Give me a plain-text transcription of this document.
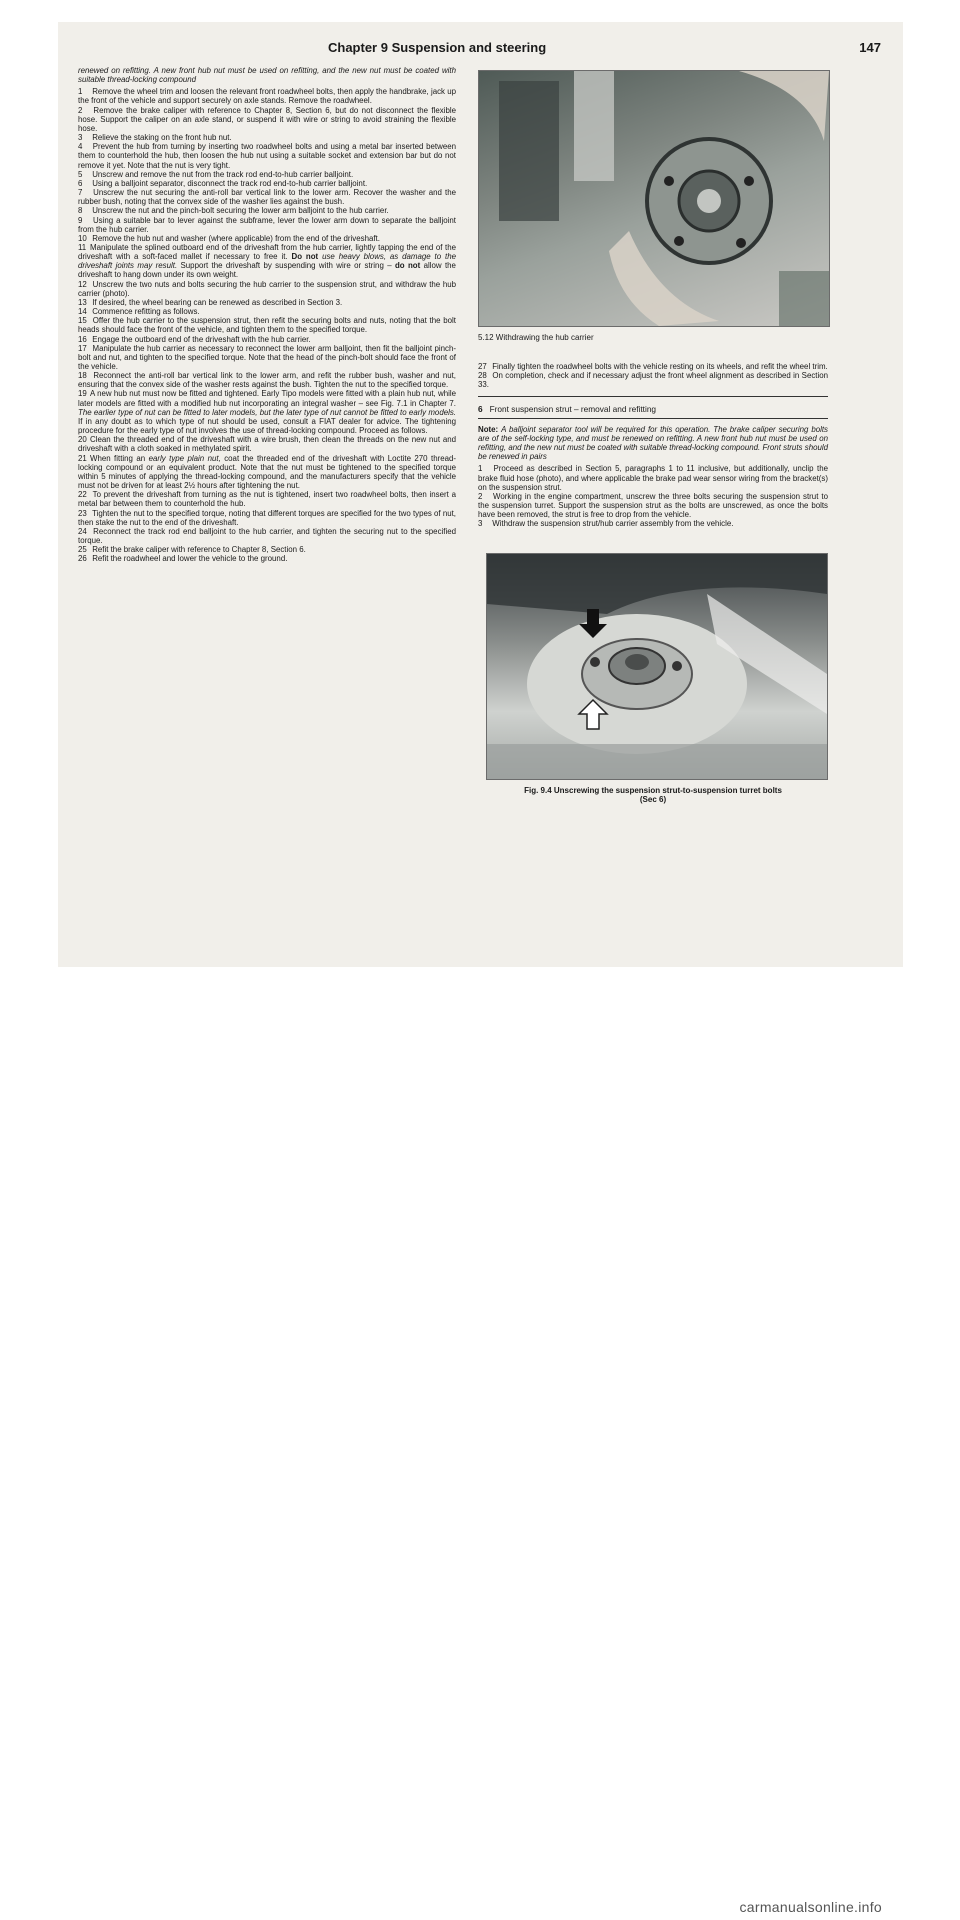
Chapter 9 Suspension and steering	147

renewed on refitting. A new front hub nut must be used on refitting, and the new nut must be coated with suitable thread-locking compound

1 Remove the wheel trim and loosen the relevant front roadwheel bolts, then apply the handbrake, jack up the front of the vehicle and support securely on axle stands. Remove the roadwheel.

2 Remove the brake caliper with reference to Chapter 8, Section 6, but do not disconnect the flexible hose. Support the caliper on an axle stand, or suspend it with wire or string to avoid straining the flexible hose.

3 Relieve the staking on the front hub nut.

4 Prevent the hub from turning by inserting two roadwheel bolts and using a metal bar inserted between them to counterhold the hub, then loosen the hub nut using a suitable socket and extension bar but do not remove it yet. Note that the nut is very tight.

5 Unscrew and remove the nut from the track rod end-to-hub carrier balljoint.

6 Using a balljoint separator, disconnect the track rod end-to-hub carrier balljoint.

7 Unscrew the nut securing the anti-roll bar vertical link to the lower arm. Recover the washer and the rubber bush, noting that the convex side of the washer lies against the bush.

8 Unscrew the nut and the pinch-bolt securing the lower arm balljoint to the hub carrier.

9 Using a suitable bar to lever against the subframe, lever the lower arm down to separate the balljoint from the hub carrier.

10 Remove the hub nut and washer (where applicable) from the end of the driveshaft.

11 Manipulate the splined outboard end of the driveshaft from the hub carrier, lightly tapping the end of the driveshaft with a soft-faced mallet if necessary to free it. Do not use heavy blows, as damage to the driveshaft joints may result. Support the driveshaft by suspending with wire or string – do not allow the driveshaft to hang down under its own weight.

12 Unscrew the two nuts and bolts securing the hub carrier to the suspension strut, and withdraw the hub carrier (photo).

13 If desired, the wheel bearing can be renewed as described in Section 3.

14 Commence refitting as follows.

15 Offer the hub carrier to the suspension strut, then refit the securing bolts and nuts, noting that the bolt heads should face the front of the vehicle, and tighten them to the specified torque.

16 Engage the outboard end of the driveshaft with the hub carrier.

17 Manipulate the hub carrier as necessary to reconnect the lower arm balljoint, then fit the balljoint pinch-bolt and nut, and tighten to the specified torque. Note that the head of the pinch-bolt should face the front of the vehicle.

18 Reconnect the anti-roll bar vertical link to the lower arm, and refit the rubber bush, washer and nut, ensuring that the convex side of the washer rests against the bush. Tighten the nut to the specified torque.

19 A new hub nut must now be fitted and tightened. Early Tipo models were fitted with a plain hub nut, while later models are fitted with a modified hub nut incorporating an integral washer – see Fig. 7.1 in Chapter 7. The earlier type of nut can be fitted to later models, but the later type of nut cannot be fitted to early models. If in any doubt as to which type of nut should be used, consult a FIAT dealer for advice. The tightening procedure for the early type of nut involves the use of thread-locking compound. Proceed as follows.

20 Clean the threaded end of the driveshaft with a wire brush, then clean the threads on the new nut and driveshaft with a cloth soaked in methylated spirit.

21 When fitting an early type plain nut, coat the threaded end of the driveshaft with Loctite 270 thread-locking compound or an equivalent product. Note that the nut must be tightened to the specified torque within 5 minutes of applying the thread-locking compound, and the manufacturers specify that the vehicle must not be driven for at least 2½ hours after tightening the nut.

22 To prevent the driveshaft from turning as the nut is tightened, insert two roadwheel bolts, then insert a metal bar between them to counterhold the hub.

23 Tighten the nut to the specified torque, noting that different torques are specified for the two types of nut, then stake the nut to the end of the driveshaft.

24 Reconnect the track rod end balljoint to the hub carrier, and tighten the securing nut to the specified torque.

25 Refit the brake caliper with reference to Chapter 8, Section 6.

26 Refit the roadwheel and lower the vehicle to the ground.

5.12 Withdrawing the hub carrier

27 Finally tighten the roadwheel bolts with the vehicle resting on its wheels, and refit the wheel trim.

28 On completion, check and if necessary adjust the front wheel alignment as described in Section 33.

6 Front suspension strut – removal and refitting

Note: A balljoint separator tool will be required for this operation. The brake caliper securing bolts are of the self-locking type, and must be renewed on refitting. A new front hub nut must be used on refitting, and the new nut must be coated with suitable thread-locking compound. Front struts should be renewed in pairs

1 Proceed as described in Section 5, paragraphs 1 to 11 inclusive, but additionally, unclip the brake fluid hose (photo), and where applicable the brake pad wear sensor wiring from the bracket(s) on the suspension strut.

2 Working in the engine compartment, unscrew the three bolts securing the suspension strut to the suspension turret. Support the suspension strut as the bolts are unscrewed, as once the bolts have been removed, the strut is free to drop from the vehicle.

3 Withdraw the suspension strut/hub carrier assembly from the vehicle.

Fig. 9.4 Unscrewing the suspension strut-to-suspension turret bolts
(Sec 6)

carmanualsonline.info
